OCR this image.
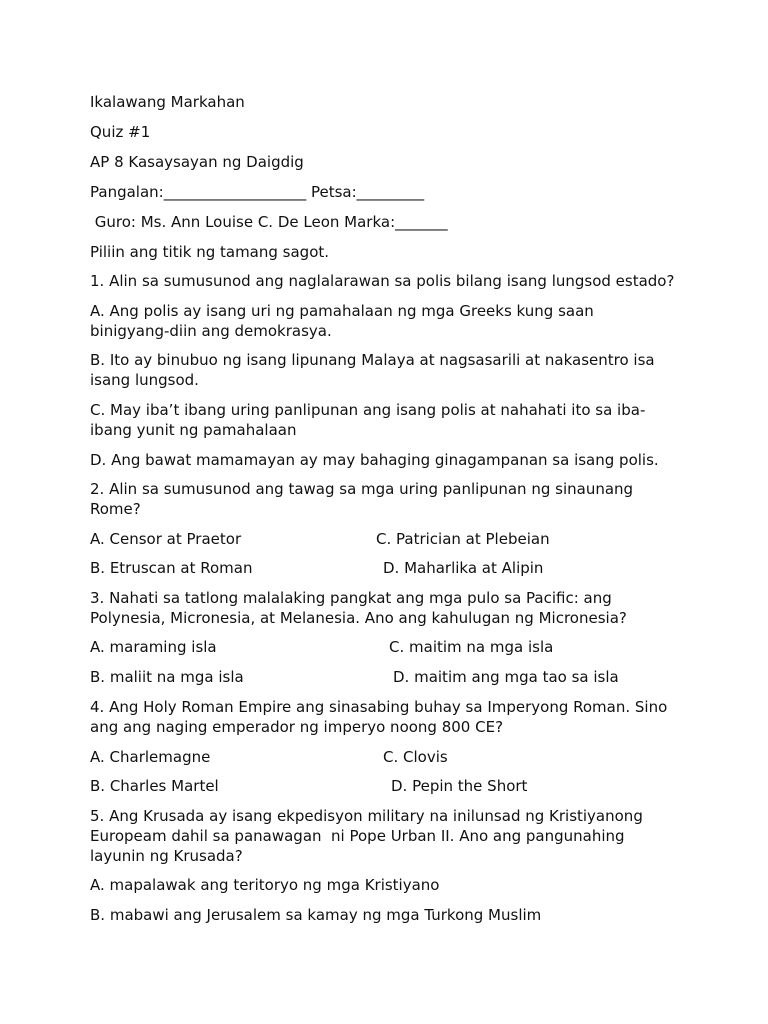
Ikalawang Markahan
Quiz #1
AP 8 Kasaysayan ng Daigdig
Pangalan:___________________ Petsa:_________
Guro: Ms. Ann Louise C. De Leon Marka:_______
Piliin ang titik ng tamang sagot.
1. Alin sa sumusunod ang naglalarawan sa polis bilang isang lungsod estado?
A. Ang polis ay isang uri ng pamahalaan ng mga Greeks kung saan binigyang-diin ang demokrasya.
B. Ito ay binubuo ng isang lipunang Malaya at nagsasarili at nakasentro isa isang lungsod.
C. May iba’t ibang uring panlipunan ang isang polis at nahahati ito sa iba-ibang yunit ng pamahalaan
D. Ang bawat mamamayan ay may bahaging ginagampanan sa isang polis.
2. Alin sa sumusunod ang tawag sa mga uring panlipunan ng sinaunang Rome?
A. Censor at Praetor	C. Patrician at Plebeian
B. Etruscan at Roman	D. Maharlika at Alipin
3. Nahati sa tatlong malalaking pangkat ang mga pulo sa Pacific: ang Polynesia, Micronesia, at Melanesia. Ano ang kahulugan ng Micronesia?
A. maraming isla	C. maitim na mga isla
B. maliit na mga isla	D. maitim ang mga tao sa isla
4. Ang Holy Roman Empire ang sinasabing buhay sa Imperyong Roman. Sino ang ang naging emperador ng imperyo noong 800 CE?
A. Charlemagne	C. Clovis
B. Charles Martel	D. Pepin the Short
5. Ang Krusada ay isang ekpedisyon military na inilunsad ng Kristiyanong Europeam dahil sa panawagan  ni Pope Urban II. Ano ang pangunahing layunin ng Krusada?
A. mapalawak ang teritoryo ng mga Kristiyano
B. mabawi ang Jerusalem sa kamay ng mga Turkong Muslim
